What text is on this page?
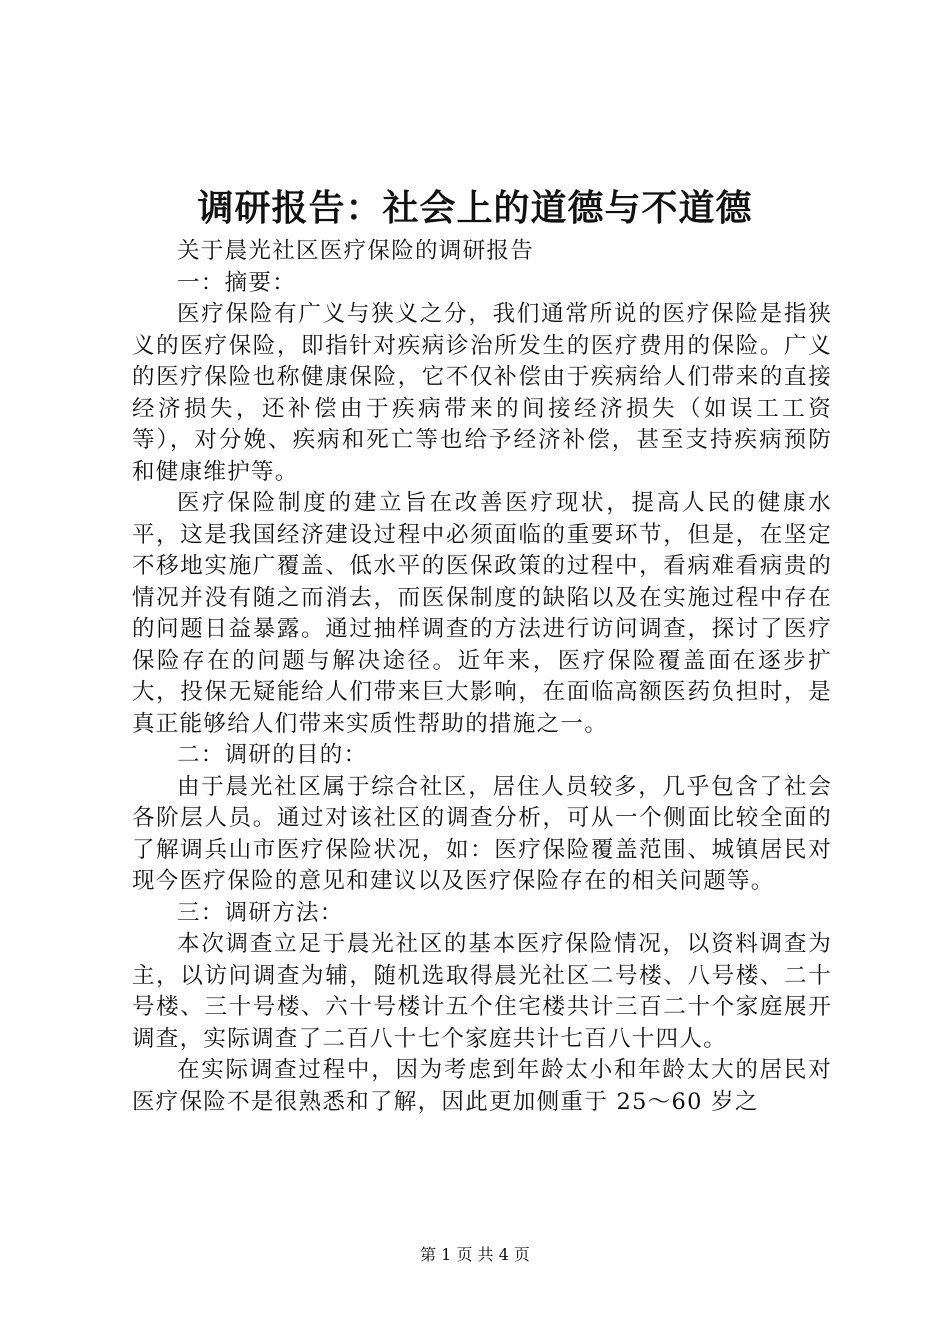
调研报告：社会上的道德与不道德

关于晨光社区医疗保险的调研报告

一：摘要：

医疗保险有广义与狭义之分，我们通常所说的医疗保险是指狭义的医疗保险，即指针对疾病诊治所发生的医疗费用的保险。广义的医疗保险也称健康保险，它不仅补偿由于疾病给人们带来的直接经济损失，还补偿由于疾病带来的间接经济损失（如误工工资等），对分娩、疾病和死亡等也给予经济补偿，甚至支持疾病预防和健康维护等。

医疗保险制度的建立旨在改善医疗现状，提高人民的健康水平，这是我国经济建设过程中必须面临的重要环节，但是，在坚定不移地实施广覆盖、低水平的医保政策的过程中，看病难看病贵的情况并没有随之而消去，而医保制度的缺陷以及在实施过程中存在的问题日益暴露。通过抽样调查的方法进行访问调查，探讨了医疗保险存在的问题与解决途径。近年来，医疗保险覆盖面在逐步扩大，投保无疑能给人们带来巨大影响，在面临高额医药负担时，是真正能够给人们带来实质性帮助的措施之一。

二：调研的目的：

由于晨光社区属于综合社区，居住人员较多，几乎包含了社会各阶层人员。通过对该社区的调查分析，可从一个侧面比较全面的了解调兵山市医疗保险状况，如：医疗保险覆盖范围、城镇居民对现今医疗保险的意见和建议以及医疗保险存在的相关问题等。

三：调研方法：

本次调查立足于晨光社区的基本医疗保险情况，以资料调查为主，以访问调查为辅，随机选取得晨光社区二号楼、八号楼、二十号楼、三十号楼、六十号楼计五个住宅楼共计三百二十个家庭展开调查，实际调查了二百八十七个家庭共计七百八十四人。

在实际调查过程中，因为考虑到年龄太小和年龄太大的居民对医疗保险不是很熟悉和了解，因此更加侧重于 25～60 岁之

第 1 页 共 4 页
